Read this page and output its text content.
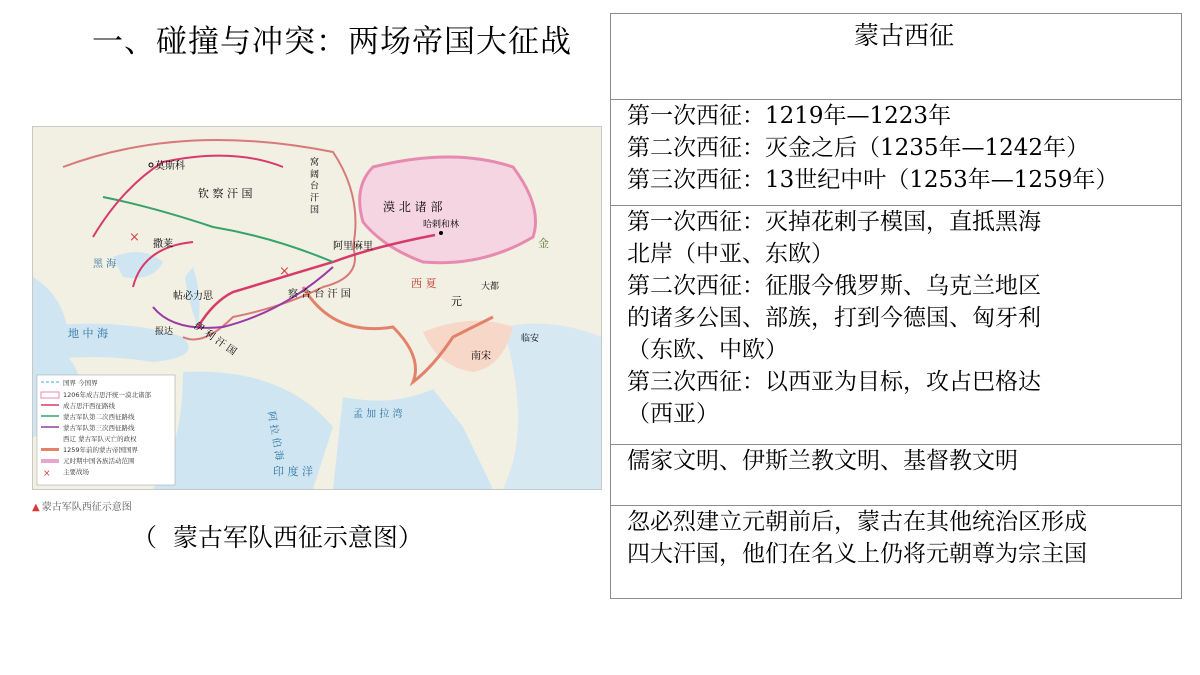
一、碰撞与冲突：两场帝国大征战
莫斯科
钦 察 汗 国
撒莱
漠 北 诸 部
哈剌和林
阿里麻里
察 合 台 汗 国
帖必力思
报达 伊 利 汗 国
西 夏
元
大都
南宋
临安
金
阿 拉 伯 海	孟 加 拉 湾
印 度 洋
黑 海
地 中 海
窝 阔 台 汗 国
×
×
国界 今国界
1206年成吉思汗统一漠北诸部
成吉思汗西征路线
蒙古军队第二次西征路线
蒙古军队第三次西征路线
西辽 蒙古军队灭亡的政权
1259年前的蒙古帝国国界
元时期中国各族活动范围
主要战场
×
▲ 蒙古军队西征示意图
（  蒙古军队西征示意图）
蒙古西征

第一次西征：1219年—1223年
第二次西征：灭金之后（1235年—1242年）
第三次西征：13世纪中叶（1253年—1259年）

第一次西征：灭掉花剌子模国，直抵黑海
北岸（中亚、东欧）
第二次西征：征服今俄罗斯、乌克兰地区
的诸多公国、部族，打到今德国、匈牙利
（东欧、中欧）
第三次西征：以西亚为目标，攻占巴格达
（西亚）

儒家文明、伊斯兰教文明、基督教文明

忽必烈建立元朝前后，蒙古在其他统治区形成
四大汗国，他们在名义上仍将元朝尊为宗主国
